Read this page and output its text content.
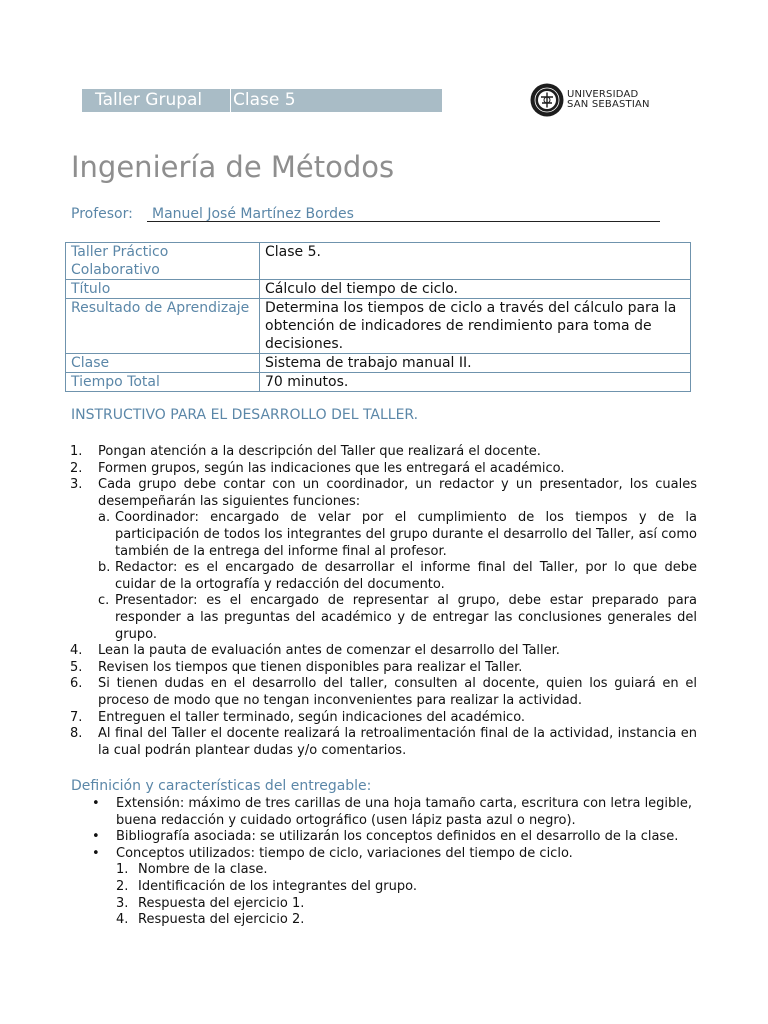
Taller Grupal	Clase 5	UNIVERSIDAD
SAN SEBASTIAN
Ingeniería de Métodos
Profesor:	Manuel José Martínez Bordes
Taller Práctico Colaborativo	Clase 5.
Título	Cálculo del tiempo de ciclo.
Resultado de Aprendizaje	Determina los tiempos de ciclo a través del cálculo para la obtención de indicadores de rendimiento para toma de decisiones.
Clase	Sistema de trabajo manual II.
Tiempo Total	70 minutos.
INSTRUCTIVO PARA EL DESARROLLO DEL TALLER.
1. Pongan atención a la descripción del Taller que realizará el docente.
2. Formen grupos, según las indicaciones que les entregará el académico.
3. Cada grupo debe contar con un coordinador, un redactor y un presentador, los cuales desempeñarán las siguientes funciones:
a. Coordinador: encargado de velar por el cumplimiento de los tiempos y de la participación de todos los integrantes del grupo durante el desarrollo del Taller, así como también de la entrega del informe final al profesor.
b. Redactor: es el encargado de desarrollar el informe final del Taller, por lo que debe cuidar de la ortografía y redacción del documento.
c. Presentador: es el encargado de representar al grupo, debe estar preparado para responder a las preguntas del académico y de entregar las conclusiones generales del grupo.
4. Lean la pauta de evaluación antes de comenzar el desarrollo del Taller.
5. Revisen los tiempos que tienen disponibles para realizar el Taller.
6. Si tienen dudas en el desarrollo del taller, consulten al docente, quien los guiará en el proceso de modo que no tengan inconvenientes para realizar la actividad.
7. Entreguen el taller terminado, según indicaciones del académico.
8. Al final del Taller el docente realizará la retroalimentación final de la actividad, instancia en la cual podrán plantear dudas y/o comentarios.
Definición y características del entregable:
• Extensión: máximo de tres carillas de una hoja tamaño carta, escritura con letra legible, buena redacción y cuidado ortográfico (usen lápiz pasta azul o negro).
• Bibliografía asociada: se utilizarán los conceptos definidos en el desarrollo de la clase.
• Conceptos utilizados: tiempo de ciclo, variaciones del tiempo de ciclo.
1. Nombre de la clase.
2. Identificación de los integrantes del grupo.
3. Respuesta del ejercicio 1.
4. Respuesta del ejercicio 2.
